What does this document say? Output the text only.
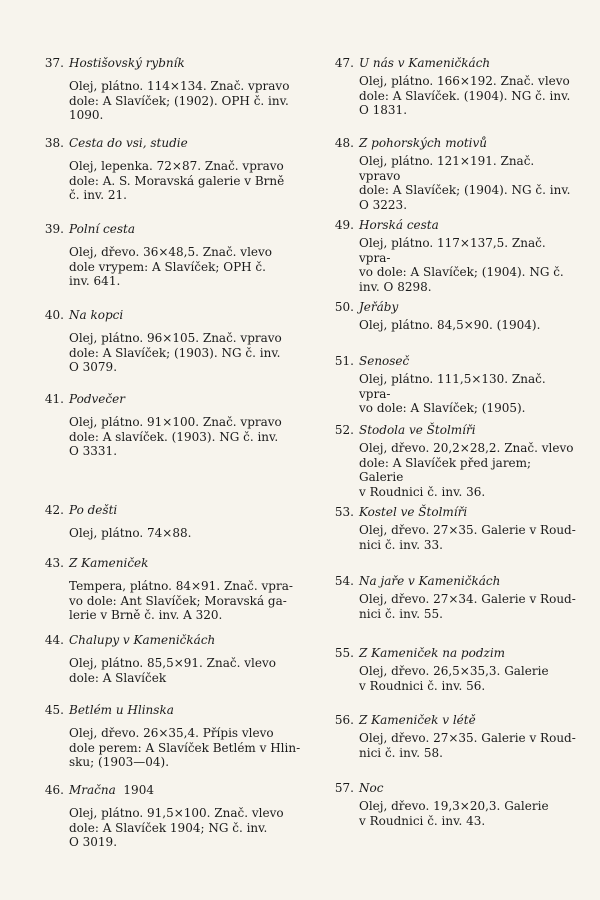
37. Hostišovský rybník
Olej, plátno. 114×134. Znač. vpravo
dole: A Slavíček; (1902). OPH č. inv.
1090.
38. Cesta do vsi, studie
Olej, lepenka. 72×87. Znač. vpravo
dole: A. S. Moravská galerie v Brně
č. inv. 21.
39. Polní cesta
Olej, dřevo. 36×48,5. Znač. vlevo
dole vrypem: A Slavíček; OPH č.
inv. 641.
40. Na kopci
Olej, plátno. 96×105. Znač. vpravo
dole: A Slavíček; (1903). NG č. inv.
O 3079.
41. Podvečer
Olej, plátno. 91×100. Znač. vpravo
dole: A slavíček. (1903). NG č. inv.
O 3331.
42. Po dešti
Olej, plátno. 74×88.
43. Z Kameniček
Tempera, plátno. 84×91. Znač. vpra-
vo dole: Ant Slavíček; Moravská ga-
lerie v Brně č. inv. A 320.
44. Chalupy v Kameničkách
Olej, plátno. 85,5×91. Znač. vlevo
dole: A Slavíček
45. Betlém u Hlinska
Olej, dřevo. 26×35,4. Přípis vlevo
dole perem: A Slavíček Betlém v Hlin-
sku; (1903—04).
46. Mračna 1904
Olej, plátno. 91,5×100. Znač. vlevo
dole: A Slavíček 1904; NG č. inv.
O 3019.
47. U nás v Kameničkách
Olej, plátno. 166×192. Znač. vlevo
dole: A Slavíček. (1904). NG č. inv.
O 1831.
48. Z pohorských motivů
Olej, plátno. 121×191. Znač. vpravo
dole: A Slavíček; (1904). NG č. inv.
O 3223.
49. Horská cesta
Olej, plátno. 117×137,5. Znač. vpra-
vo dole: A Slavíček; (1904). NG č.
inv. O 8298.
50. Jeřáby
Olej, plátno. 84,5×90. (1904).
51. Senoseč
Olej, plátno. 111,5×130. Znač. vpra-
vo dole: A Slavíček; (1905).
52. Stodola ve Štolmíři
Olej, dřevo. 20,2×28,2. Znač. vlevo
dole: A Slavíček před jarem; Galerie
v Roudnici č. inv. 36.
53. Kostel ve Štolmíři
Olej, dřevo. 27×35. Galerie v Roud-
nici č. inv. 33.
54. Na jaře v Kameničkách
Olej, dřevo. 27×34. Galerie v Roud-
nici č. inv. 55.
55. Z Kameniček na podzim
Olej, dřevo. 26,5×35,3. Galerie
v Roudnici č. inv. 56.
56. Z Kameniček v létě
Olej, dřevo. 27×35. Galerie v Roud-
nici č. inv. 58.
57. Noc
Olej, dřevo. 19,3×20,3. Galerie
v Roudnici č. inv. 43.
